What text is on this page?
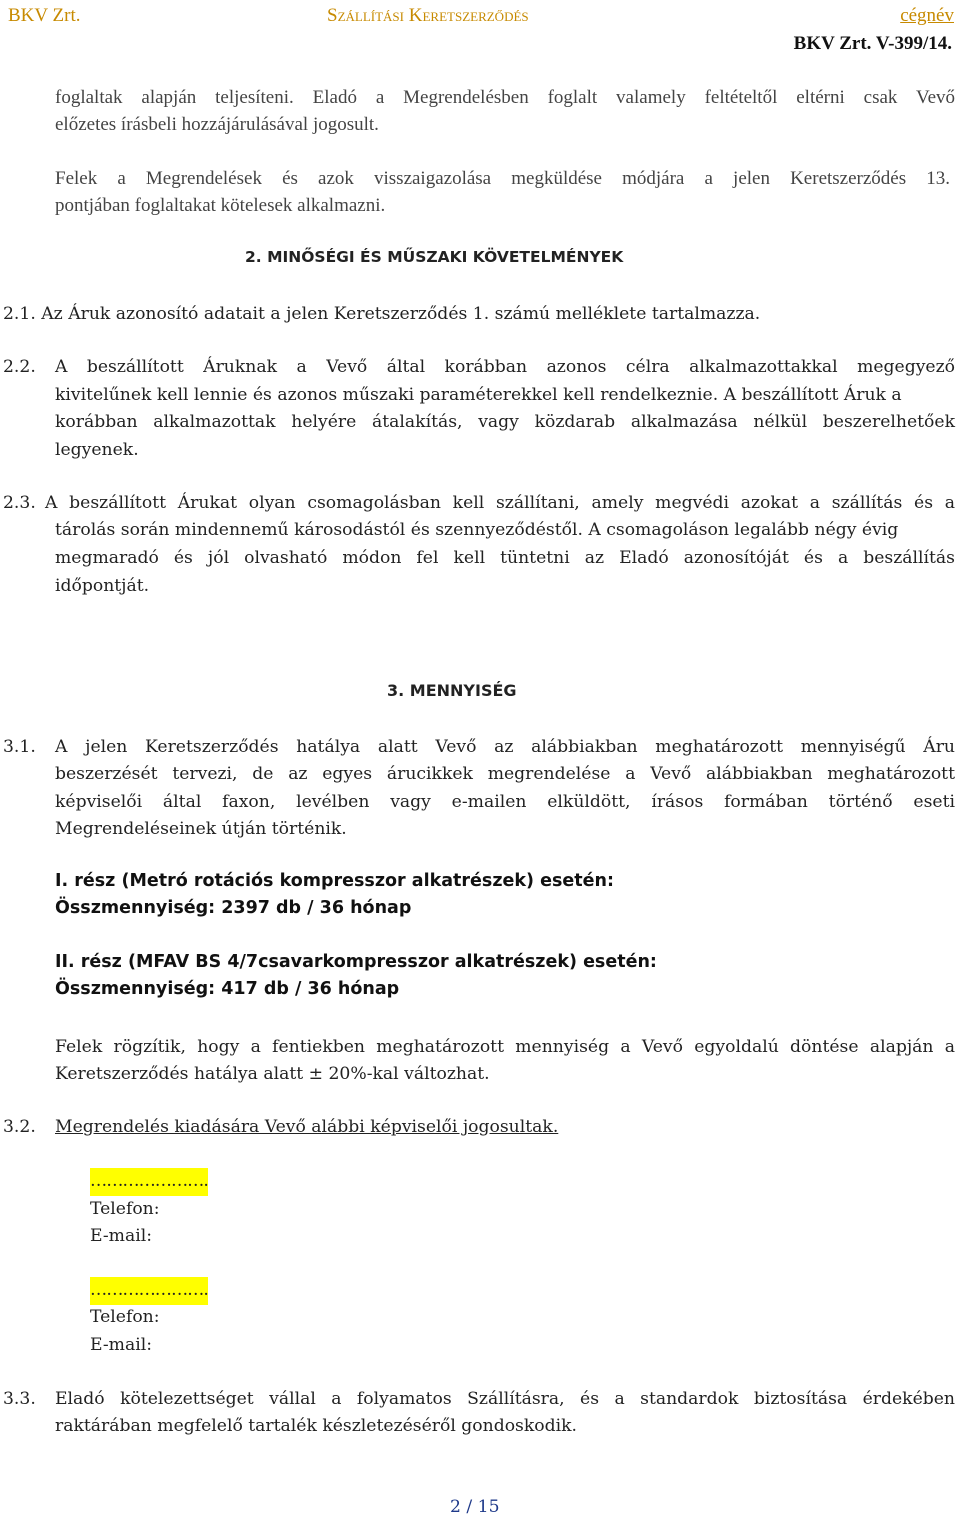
BKV Zrt.	Szállítási Keretszerződés	cégnév
BKV Zrt. V-399/14.
foglaltak alapján teljesíteni. Eladó a Megrendelésben foglalt valamely feltételtől eltérni csak Vevő
előzetes írásbeli hozzájárulásával jogosult.
Felek a Megrendelések és azok visszaigazolása megküldése módjára a jelen Keretszerződés 13.
pontjában foglaltakat kötelesek alkalmazni.
2. MINŐSÉGI ÉS MŰSZAKI KÖVETELMÉNYEK
2.1. Az Áruk azonosító adatait a jelen Keretszerződés 1. számú melléklete tartalmazza.
2.2. A beszállított Áruknak a Vevő által korábban azonos célra alkalmazottakkal megegyező
kivitelűnek kell lennie és azonos műszaki paraméterekkel kell rendelkeznie. A beszállított Áruk a
korábban alkalmazottak helyére átalakítás, vagy közdarab alkalmazása nélkül beszerelhetőek
legyenek.
2.3. A beszállított Árukat olyan csomagolásban kell szállítani, amely megvédi azokat a szállítás és a
tárolás során mindennemű károsodástól és szennyeződéstől. A csomagoláson legalább négy évig
megmaradó és jól olvasható módon fel kell tüntetni az Eladó azonosítóját és a beszállítás
időpontját.
3. MENNYISÉG
3.1. A jelen Keretszerződés hatálya alatt Vevő az alábbiakban meghatározott mennyiségű Áru
beszerzését tervezi, de az egyes árucikkek megrendelése a Vevő alábbiakban meghatározott
képviselői által faxon, levélben vagy e-mailen elküldött, írásos formában történő eseti
Megrendeléseinek útján történik.
I. rész (Metró rotációs kompresszor alkatrészek) esetén:
Összmennyiség: 2397 db / 36 hónap
II. rész (MFAV BS 4/7csavarkompresszor alkatrészek) esetén:
Összmennyiség: 417 db / 36 hónap
Felek rögzítik, hogy a fentiekben meghatározott mennyiség a Vevő egyoldalú döntése alapján a
Keretszerződés hatálya alatt ± 20%-kal változhat.
3.2. Megrendelés kiadására Vevő alábbi képviselői jogosultak.
………………….
Telefon:
E-mail:
………………….
Telefon:
E-mail:
3.3. Eladó kötelezettséget vállal a folyamatos Szállításra, és a standardok biztosítása érdekében
raktárában megfelelő tartalék készletezéséről gondoskodik.
2 / 15
